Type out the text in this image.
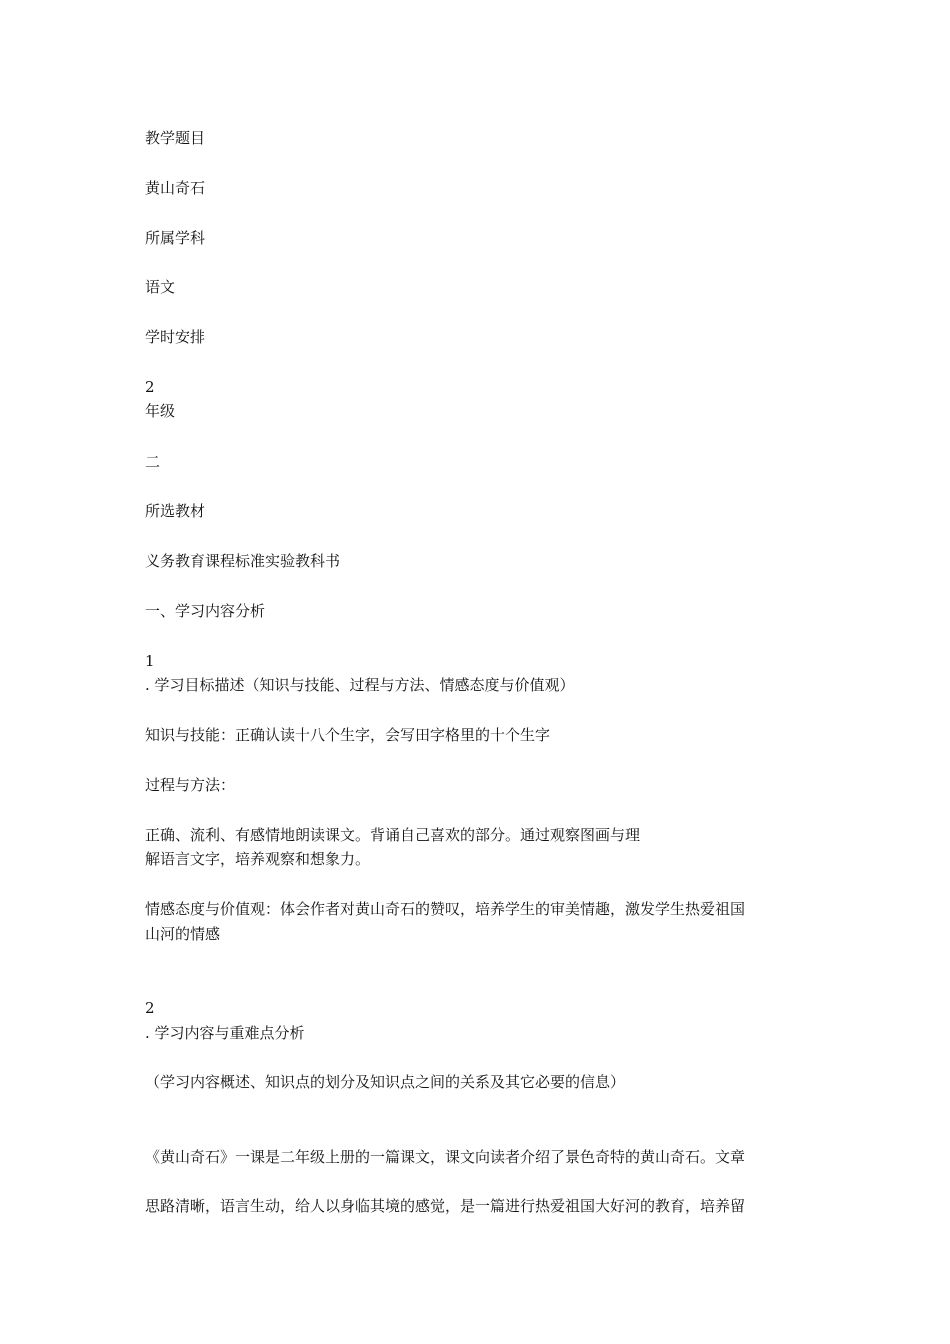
教学题目
黄山奇石
所属学科
语文
学时安排
2
年级
二
所选教材
义务教育课程标准实验教科书
一、学习内容分析
1
. 学习目标描述（知识与技能、过程与方法、情感态度与价值观）
知识与技能：正确认读十八个生字，会写田字格里的十个生字
过程与方法：
正确、流利、有感情地朗读课文。背诵自己喜欢的部分。通过观察图画与理
解语言文字，培养观察和想象力。
情感态度与价值观：体会作者对黄山奇石的赞叹，培养学生的审美情趣，激发学生热爱祖国
山河的情感
2
. 学习内容与重难点分析
（学习内容概述、知识点的划分及知识点之间的关系及其它必要的信息）
《黄山奇石》一课是二年级上册的一篇课文，课文向读者介绍了景色奇特的黄山奇石。文章
思路清晰，语言生动，给人以身临其境的感觉，是一篇进行热爱祖国大好河的教育，培养留
